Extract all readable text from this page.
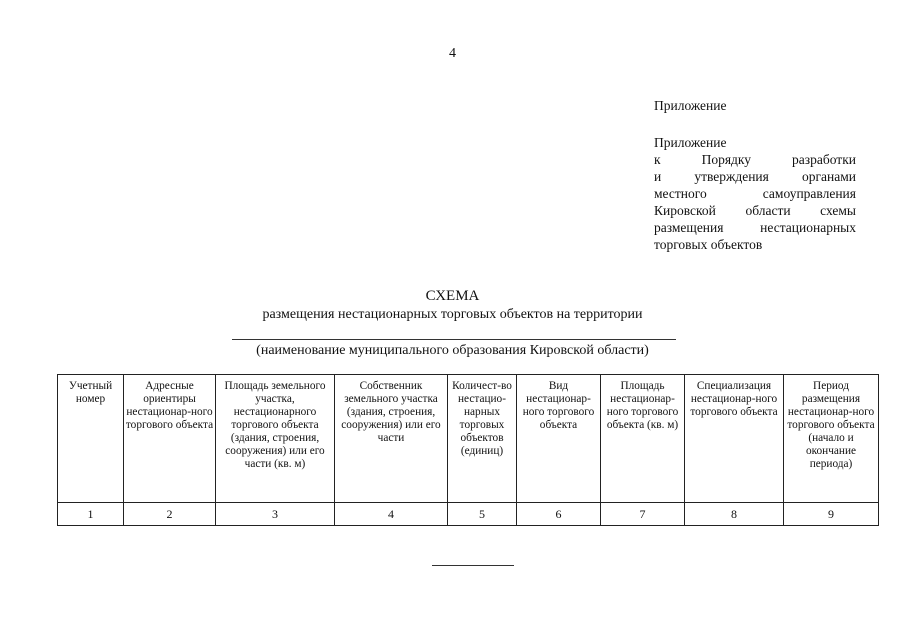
4
Приложение
Приложение
к Порядку разработки
и утверждения органами
местного самоуправления
Кировской области схемы
размещения нестационарных
торговых объектов
СХЕМА
размещения нестационарных торговых объектов на территории
(наименование муниципального образования Кировской области)
Учетный номер	Адресные ориентиры нестационар-ного торгового объекта	Площадь земельного участка, нестационарного торгового объекта (здания, строения, сооружения) или его части (кв. м)	Собственник земельного участка (здания, строения, сооружения) или его части	Количест-во нестацио-нарных торговых объектов (единиц)	Вид нестационар-ного торгового объекта	Площадь нестационар-ного торгового объекта (кв. м)	Специализация нестационар-ного торгового объекта	Период размещения нестационар-ного торгового объекта (начало и окончание периода)
1	2	3	4	5	6	7	8	9
